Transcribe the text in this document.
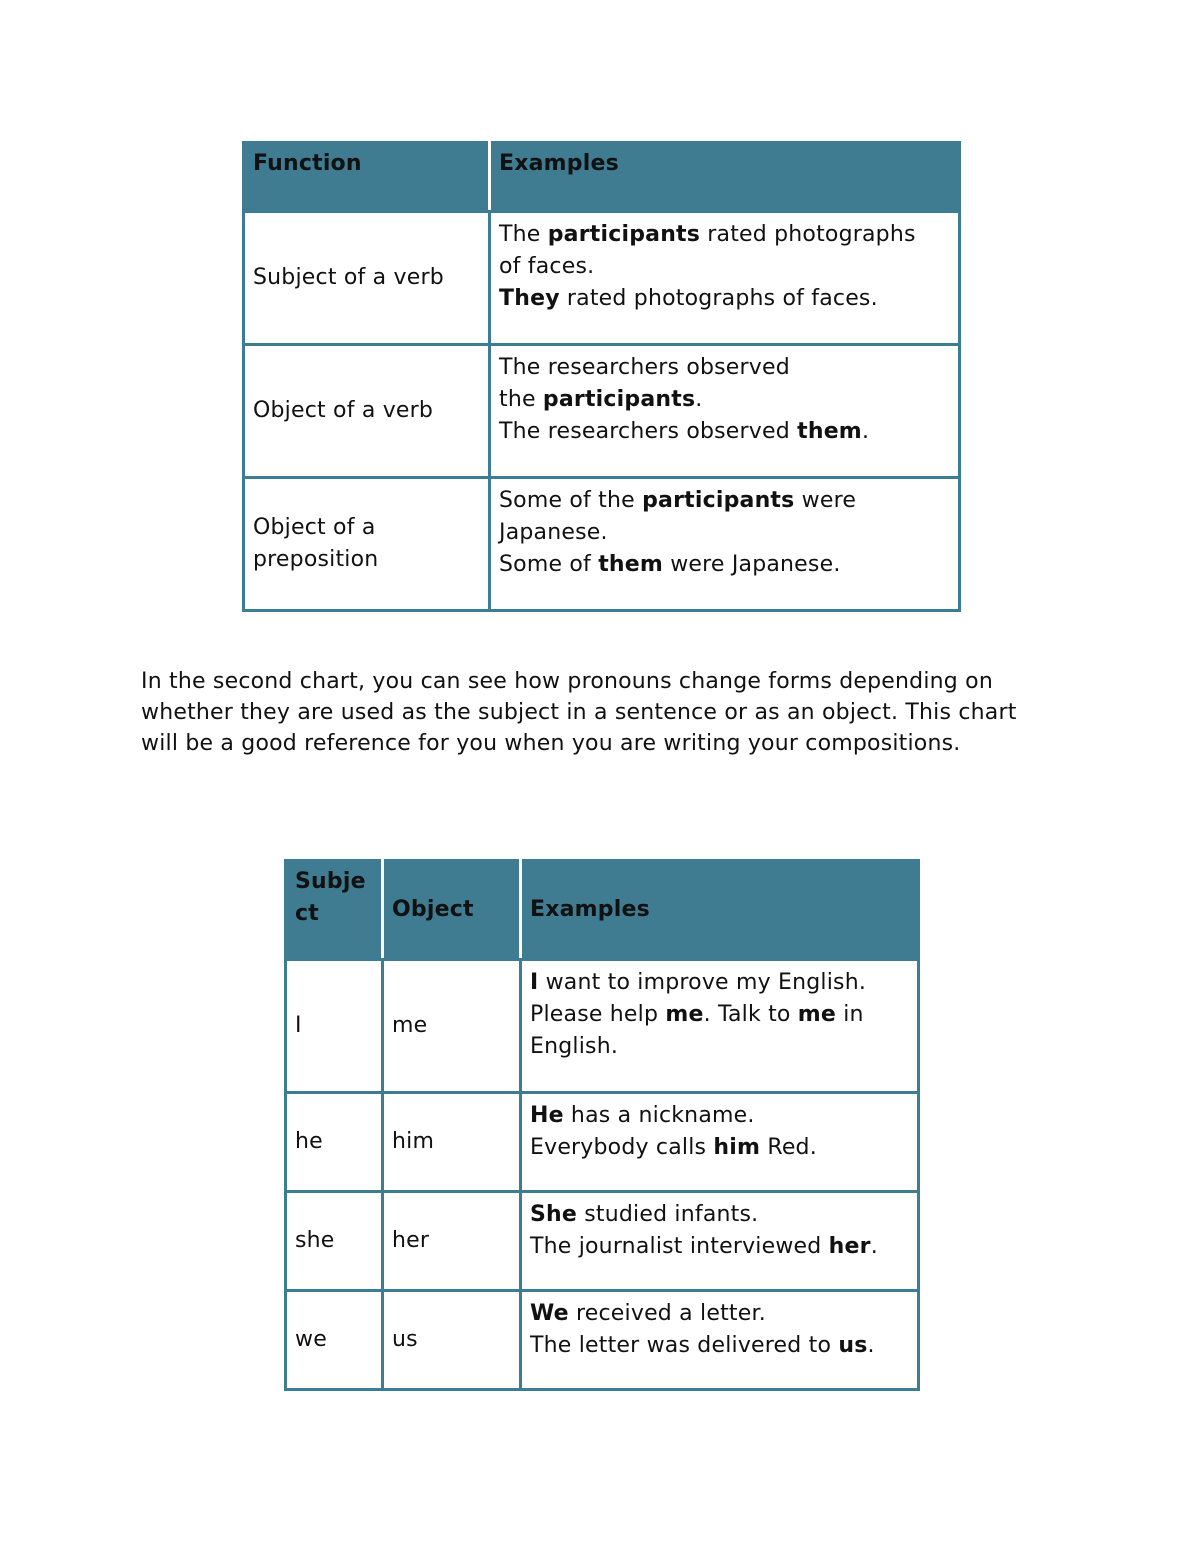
Function	Examples
Subject of a verb	The participants rated photographs
of faces.
They rated photographs of faces.

Object of a verb	The researchers observed
the participants.
The researchers observed them.

Object of a
preposition	Some of the participants were
Japanese.
Some of them were Japanese.
In the second chart, you can see how pronouns change forms depending on
whether they are used as the subject in a sentence or as an object. This chart
will be a good reference for you when you are writing your compositions.
Subje
ct	Object	Examples
I	me	I want to improve my English.
Please help me. Talk to me in
English.

he	him	He has a nickname.
Everybody calls him Red.

she	her	She studied infants.
The journalist interviewed her.

we	us	We received a letter.
The letter was delivered to us.
